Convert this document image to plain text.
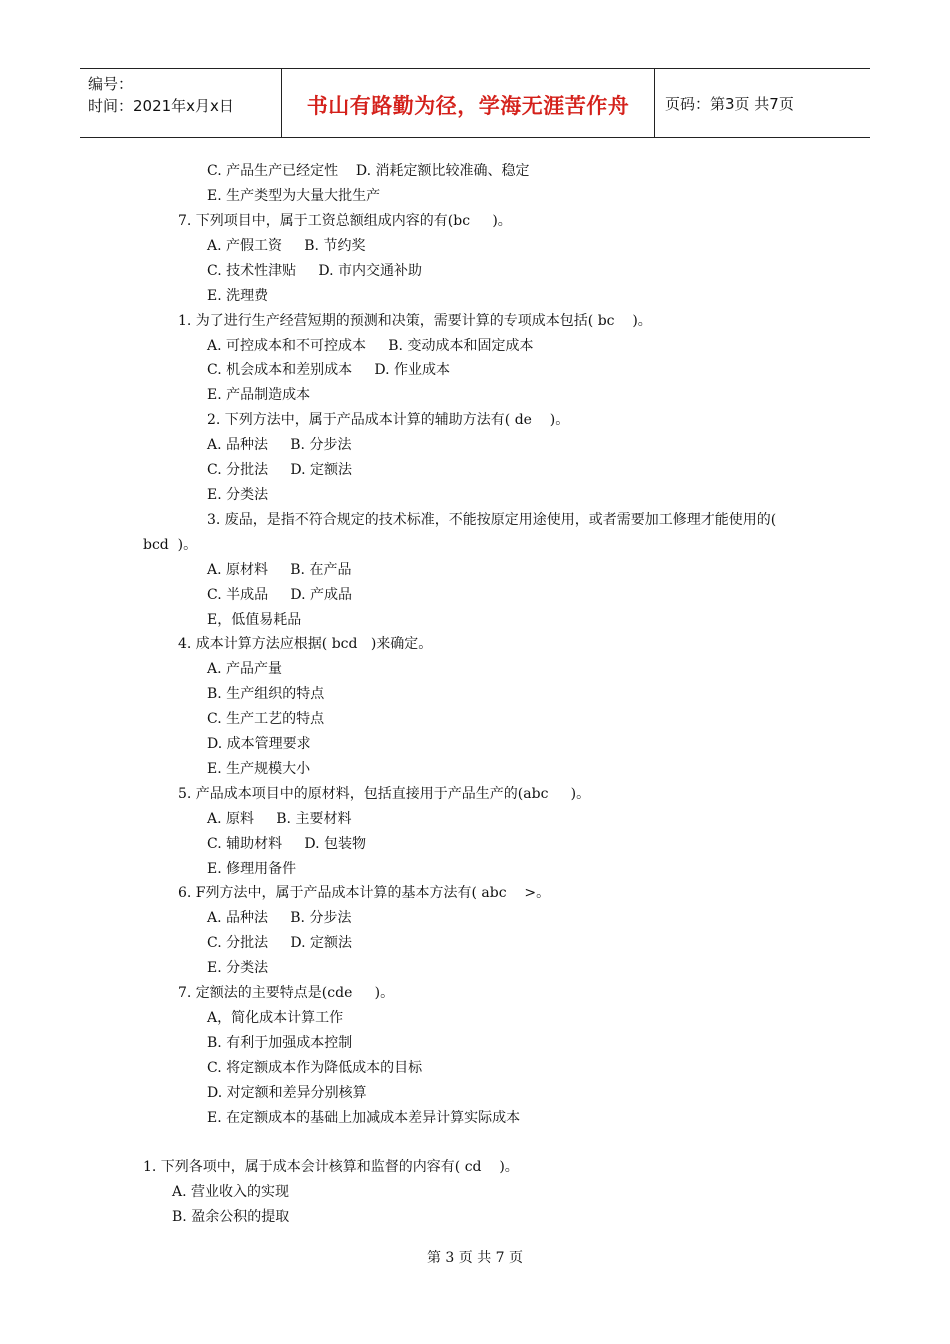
编号：
时间：2021年x月x日	书山有路勤为径，学海无涯苦作舟	页码：第3页 共7页
C. 产品生产已经定性    D. 消耗定额比较准确、稳定
E. 生产类型为大量大批生产
7. 下列项目中，属于工资总额组成内容的有(bc     )。
A. 产假工资     B. 节约奖
C. 技术性津贴     D. 市内交通补助
E. 洗理费
1. 为了进行生产经营短期的预测和决策，需要计算的专项成本包括( bc    )。
A. 可控成本和不可控成本     B. 变动成本和固定成本
C. 机会成本和差别成本     D. 作业成本
E. 产品制造成本
2. 下列方法中，属于产品成本计算的辅助方法有( de    )。
A. 品种法     B. 分步法
C. 分批法     D. 定额法
E. 分类法
3. 废品，是指不符合规定的技术标准，不能按原定用途使用，或者需要加工修理才能使用的(
bcd  )。
A. 原材料     B. 在产品
C. 半成品     D. 产成品
E，低值易耗品
4. 成本计算方法应根据( bcd   )来确定。
A. 产品产量
B. 生产组织的特点
C. 生产工艺的特点
D. 成本管理要求
E. 生产规模大小
5. 产品成本项目中的原材料，包括直接用于产品生产的(abc     )。
A. 原料     B. 主要材料
C. 辅助材料     D. 包装物
E. 修理用备件
6. F列方法中，属于产品成本计算的基本方法有( abc    >。
A. 品种法     B. 分步法
C. 分批法     D. 定额法
E. 分类法
7. 定额法的主要特点是(cde     )。
A，简化成本计算工作
B. 有利于加强成本控制
C. 将定额成本作为降低成本的目标
D. 对定额和差异分别核算
E. 在定额成本的基础上加减成本差异计算实际成本
1. 下列各项中，属于成本会计核算和监督的内容有( cd    )。
A. 营业收入的实现
B. 盈余公积的提取
第 3 页 共 7 页
